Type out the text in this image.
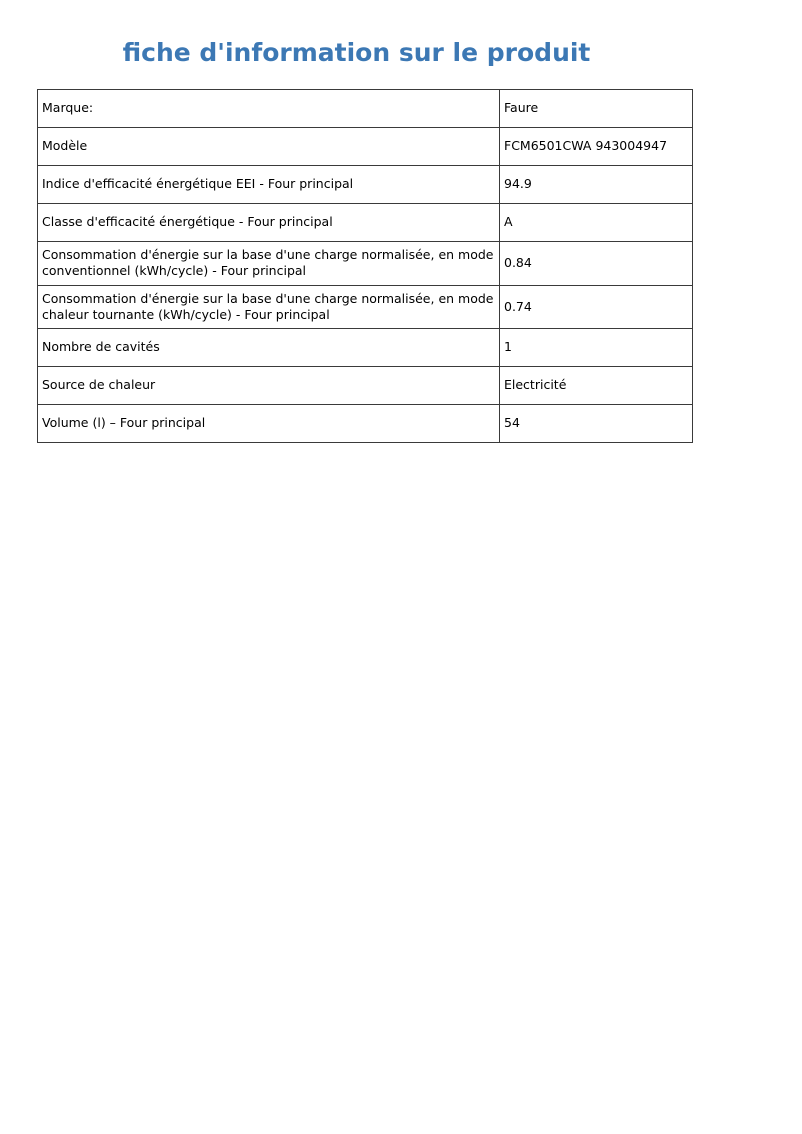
fiche d'information sur le produit
Marque:	Faure
Modèle	FCM6501CWA 943004947
Indice d'efficacité énergétique EEI - Four principal	94.9
Classe d'efficacité énergétique - Four principal	A
Consommation d'énergie sur la base d'une charge normalisée, en mode conventionnel (kWh/cycle) - Four principal	0.84
Consommation d'énergie sur la base d'une charge normalisée, en mode chaleur tournante (kWh/cycle) - Four principal	0.74
Nombre de cavités	1
Source de chaleur	Electricité
Volume (l) – Four principal	54
